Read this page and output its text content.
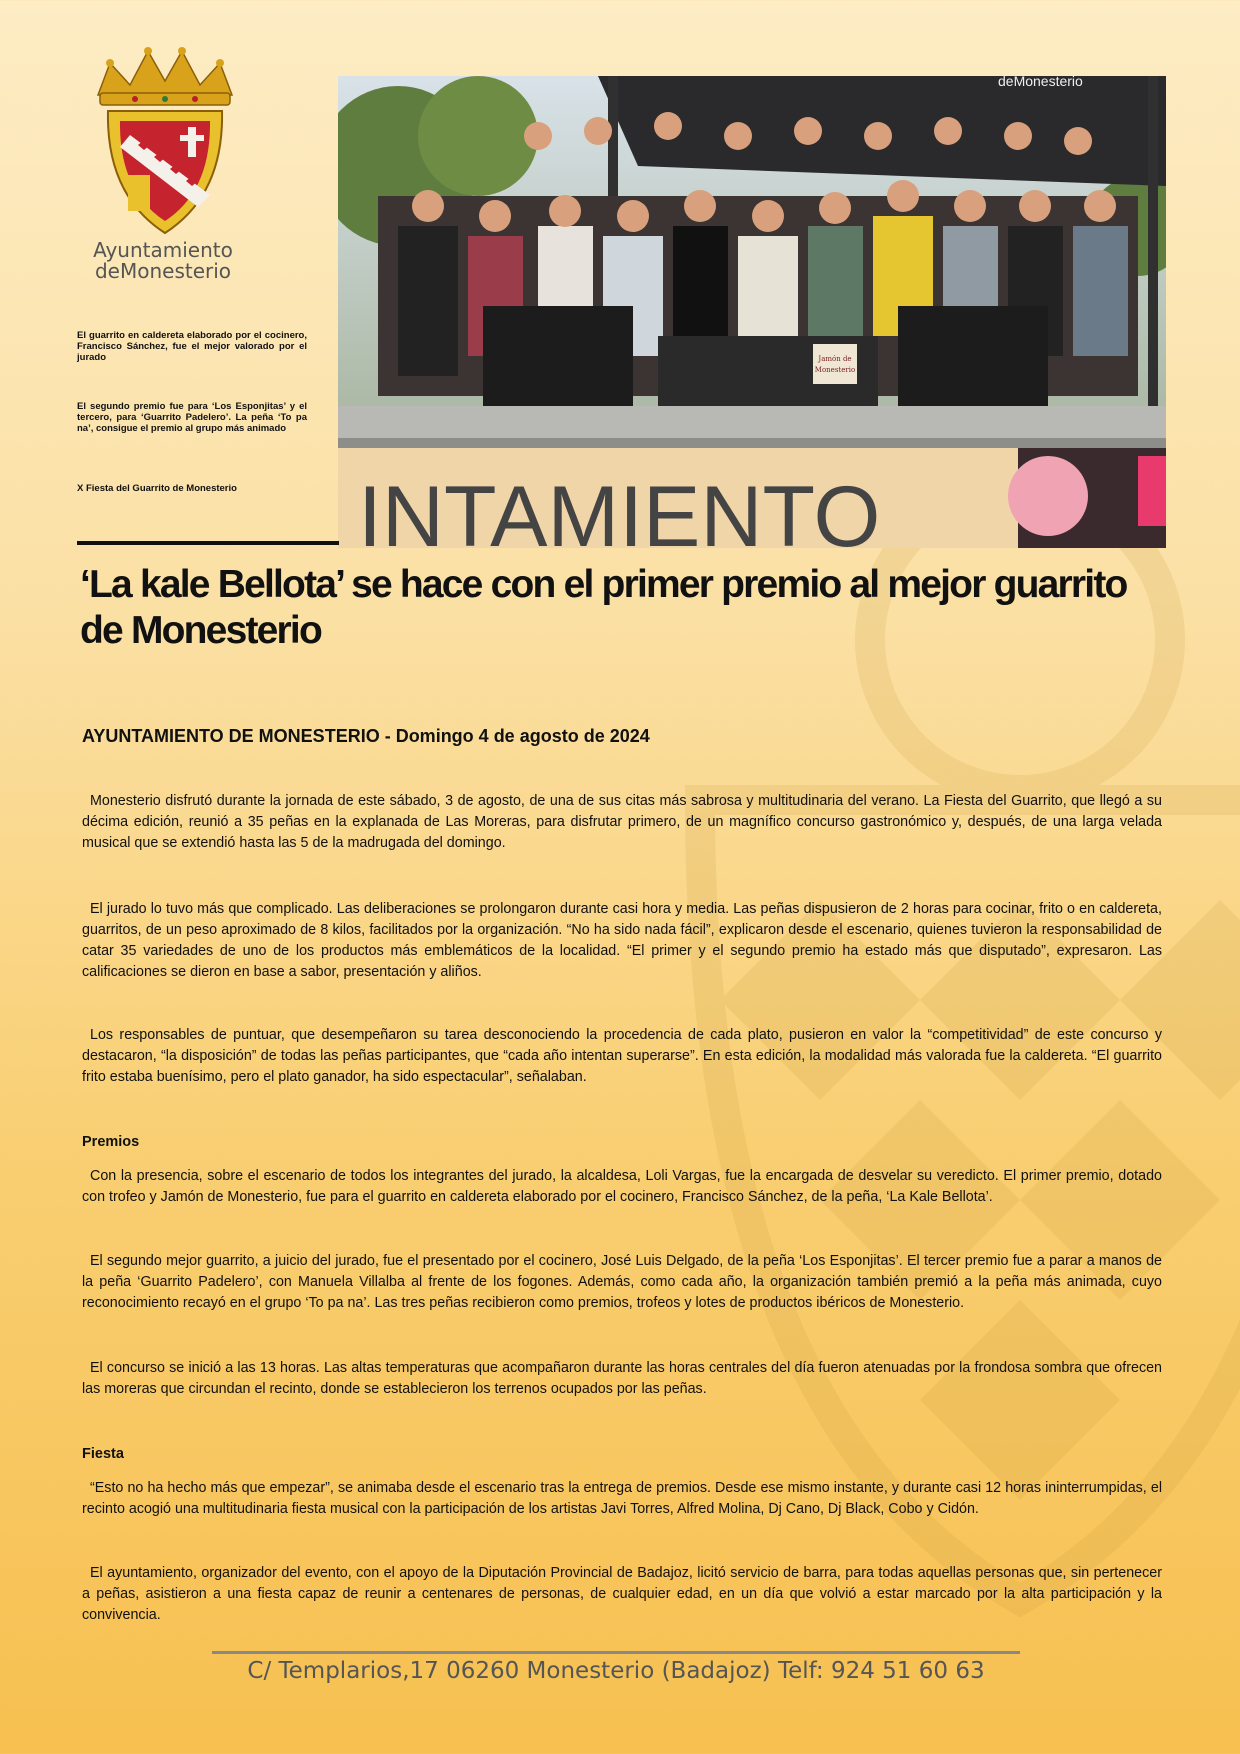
Ayuntamiento
deMonesterio
El guarrito en caldereta elaborado por el cocinero, Francisco Sánchez, fue el mejor valorado por el jurado
El segundo premio fue para ‘Los Esponjitas’ y el tercero, para ‘Guarrito Padelero’. La peña ‘To pa na’, consigue el premio al grupo más animado
X Fiesta del Guarrito de Monesterio
Jamón de
Monesterio
INTAMIENTO
deMonesterio
‘La kale Bellota’ se hace con el primer premio al mejor guarrito de Monesterio
AYUNTAMIENTO DE MONESTERIO - Domingo 4 de agosto de 2024

Monesterio disfrutó durante la jornada de este sábado, 3 de agosto, de una de sus citas más sabrosa y multitudinaria del verano. La Fiesta del Guarrito, que llegó a su décima edición, reunió a 35 peñas en la explanada de Las Moreras, para disfrutar primero, de un magnífico concurso gastronómico y, después, de una larga velada musical que se extendió hasta las 5 de la madrugada del domingo.

El jurado lo tuvo más que complicado. Las deliberaciones se prolongaron durante casi hora y media. Las peñas dispusieron de 2 horas para cocinar, frito o en caldereta, guarritos, de un peso aproximado de 8 kilos, facilitados por la organización. “No ha sido nada fácil”, explicaron desde el escenario, quienes tuvieron la responsabilidad de catar 35 variedades de uno de los productos más emblemáticos de la localidad. “El primer y el segundo premio ha estado más que disputado”, expresaron. Las calificaciones se dieron en base a sabor, presentación y aliños.

Los responsables de puntuar, que desempeñaron su tarea desconociendo la procedencia de cada plato, pusieron en valor la “competitividad” de este concurso y destacaron, “la disposición” de todas las peñas participantes, que “cada año intentan superarse”. En esta edición, la modalidad más valorada fue la caldereta. “El guarrito frito estaba buenísimo, pero el plato ganador, ha sido espectacular”, señalaban.

Premios

Con la presencia, sobre el escenario de todos los integrantes del jurado, la alcaldesa, Loli Vargas, fue la encargada de desvelar su veredicto. El primer premio, dotado con trofeo y Jamón de Monesterio, fue para el guarrito en caldereta elaborado por el cocinero, Francisco Sánchez, de la peña, ‘La Kale Bellota’.

El segundo mejor guarrito, a juicio del jurado, fue el presentado por el cocinero, José Luis Delgado, de la peña ‘Los Esponjitas’. El tercer premio fue a parar a manos de la peña ‘Guarrito Padelero’, con Manuela Villalba al frente de los fogones. Además, como cada año, la organización también premió a la peña más animada, cuyo reconocimiento recayó en el grupo ‘To pa na’. Las tres peñas recibieron como premios, trofeos y lotes de productos ibéricos de Monesterio.

El concurso se inició a las 13 horas. Las altas temperaturas que acompañaron durante las horas centrales del día fueron atenuadas por la frondosa sombra que ofrecen las moreras que circundan el recinto, donde se establecieron los terrenos ocupados por las peñas.

Fiesta

“Esto no ha hecho más que empezar”, se animaba desde el escenario tras la entrega de premios. Desde ese mismo instante, y durante casi 12 horas ininterrumpidas, el recinto acogió una multitudinaria fiesta musical con la participación de los artistas Javi Torres, Alfred Molina, Dj Cano, Dj Black, Cobo y Cidón.

El ayuntamiento, organizador del evento, con el apoyo de la Diputación Provincial de Badajoz, licitó servicio de barra, para todas aquellas personas que, sin pertenecer a peñas, asistieron a una fiesta capaz de reunir a centenares de personas, de cualquier edad, en un día que volvió a estar marcado por la alta participación y la convivencia.

C/ Templarios,17 06260 Monesterio (Badajoz) Telf: 924 51 60 63
